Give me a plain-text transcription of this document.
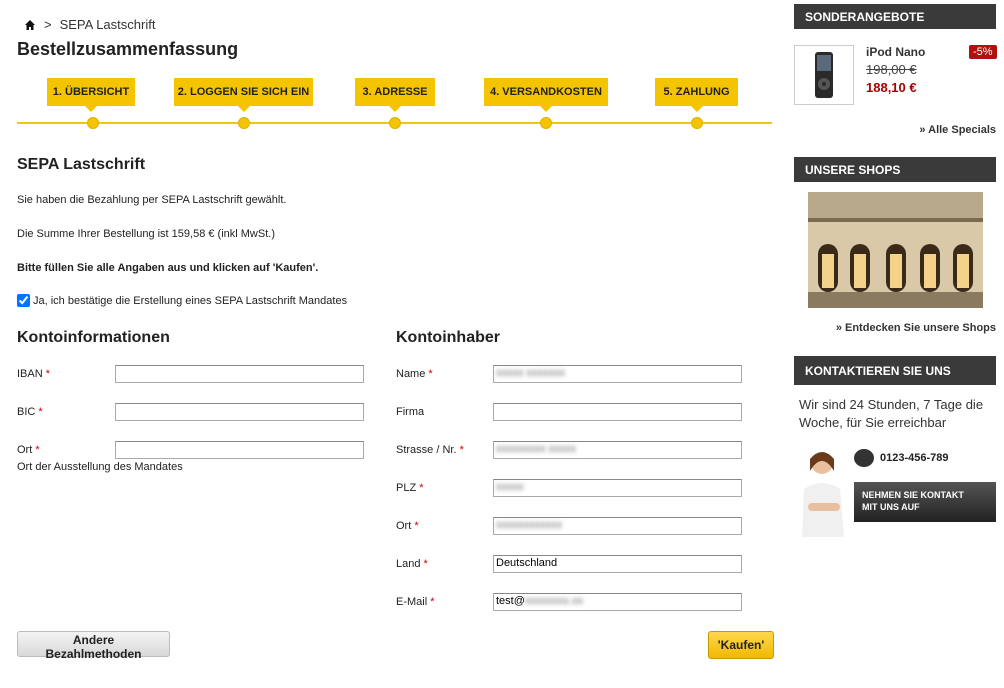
> SEPA Lastschrift
Bestellzusammenfassung
1. ÜBERSICHT	2. LOGGEN SIE SICH EIN	3. ADRESSE	4. VERSANDKOSTEN	5. ZAHLUNG
SEPA Lastschrift
Sie haben die Bezahlung per SEPA Lastschrift gewählt.
Die Summe Ihrer Bestellung ist 159,58 € (inkl MwSt.)
Bitte füllen Sie alle Angaben aus und klicken auf 'Kaufen'.
Ja, ich bestätige die Erstellung eines SEPA Lastschrift Mandates
Kontoinformationen
IBAN *
BIC *
Ort *
Ort der Ausstellung des Mandates
Kontoinhaber
Name *	xxxxx xxxxxxx
Firma
Strasse / Nr. *	xxxxxxxxx xxxxx
PLZ *	xxxxx
Ort *	xxxxxxxxxxxx
Land *	Deutschland
E-Mail *	test@xxxxxxxx.xx
Andere Bezahlmethoden
'Kaufen'
SONDERANGEBOTE
iPod Nano
198,00 €
188,10 €
-5%
» Alle Specials
UNSERE SHOPS
» Entdecken Sie unsere Shops
KONTAKTIEREN SIE UNS
Wir sind 24 Stunden, 7 Tage die Woche, für Sie erreichbar
0123-456-789
NEHMEN SIE KONTAKT
MIT UNS AUF
